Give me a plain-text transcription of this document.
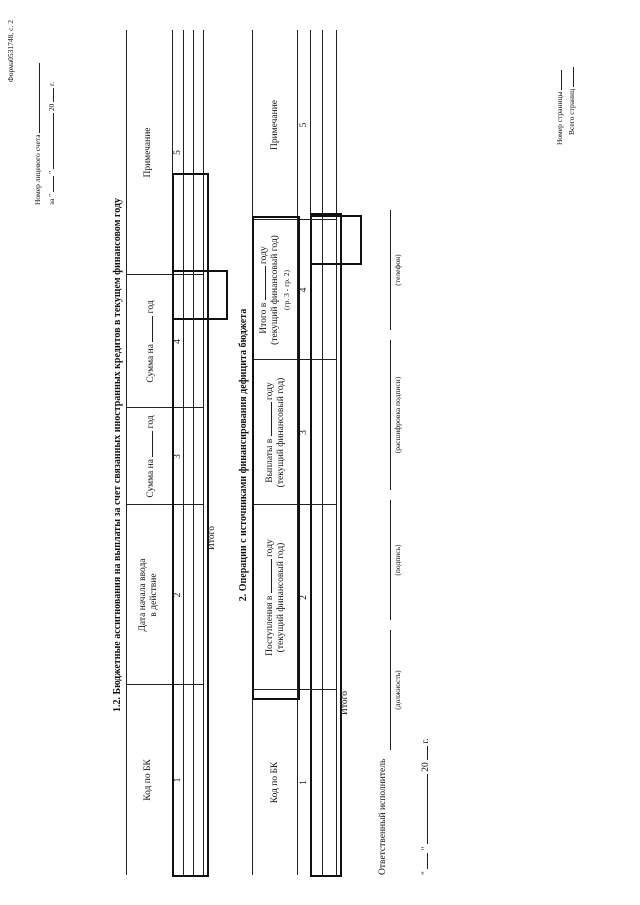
Форма0531748, с. 2
Номер лицевого счета за "  "  20  г.
1.2. Бюджетные ассигнования на выплаты за счет связанных иностранных кредитов в текущем финансовом году
Код по БК
Дата начала ввода в действие
Сумма на  год
Сумма на  год
Примечание
1
2
3
4
5
Итого 2. Операции с источниками финансирования дефицита бюджета
Код по БК
Поступления в  году (текущий финансовый год)
Выплаты в  году (текущий финансовый год)
Итого в  году (текущий финансовый год) (гр. 3 - гр. 2)
Примечание
1
2
3
4
5
Итого
Ответственный исполнитель
(должность)
(подпись)
(расшифровка подписи)
(телефон)
"  "  20  г.
Номер страницы Всего страниц
